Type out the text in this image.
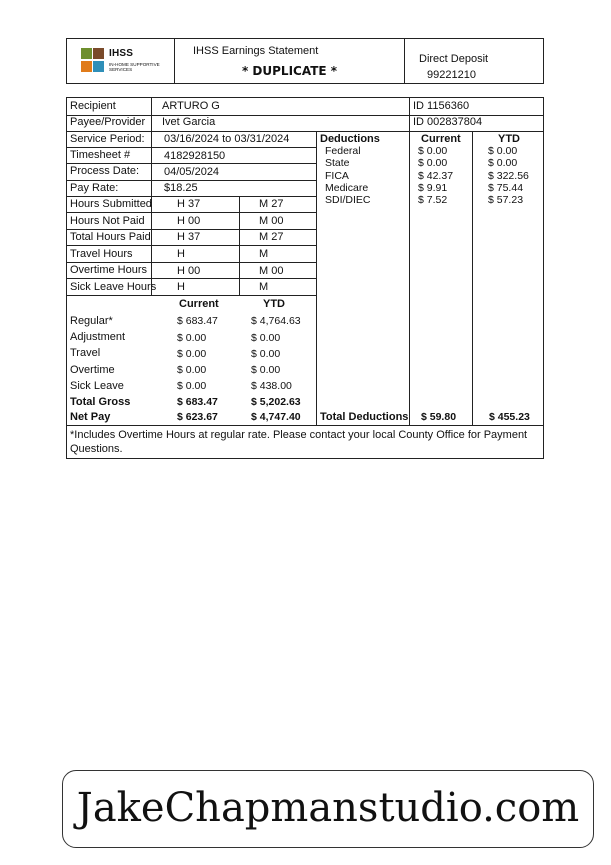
IHSS
IN-HOME SUPPORTIVE SERVICES
IHSS Earnings Statement
* DUPLICATE *
Direct Deposit
99221210
Recipient	ARTURO G	ID 1156360
Payee/Provider Ivet Garcia	ID 002837804
Service Period: 03/16/2024 to 03/31/2024
Timesheet #	4182928150
Process Date: 04/05/2024
Pay Rate:	$18.25
Hours Submitted H 37	M 27
Hours Not Paid	H 00	M 00
Total Hours Paid H 37	M 27
Travel Hours	H	M
Overtime Hours	H 00	M 00
Sick Leave Hours H	M
Current	YTD
Regular*	$ 683.47	$ 4,764.63
Adjustment	$ 0.00	$ 0.00
Travel	$ 0.00	$ 0.00
Overtime	$ 0.00	$ 0.00
Sick Leave	$ 0.00	$ 438.00
Total Gross	$ 683.47	$ 5,202.63
Net Pay	$ 623.67	$ 4,747.40
Deductions	Current	YTD
Federal	$ 0.00	$ 0.00
State	$ 0.00	$ 0.00
FICA	$ 42.37	$ 322.56
Medicare	$ 9.91	$ 75.44
SDI/DIEC	$ 7.52	$ 57.23
Total Deductions $ 59.80	$ 455.23
*Includes Overtime Hours at regular rate. Please contact your local County Office for Payment Questions.
JakeChapmanstudio.com
